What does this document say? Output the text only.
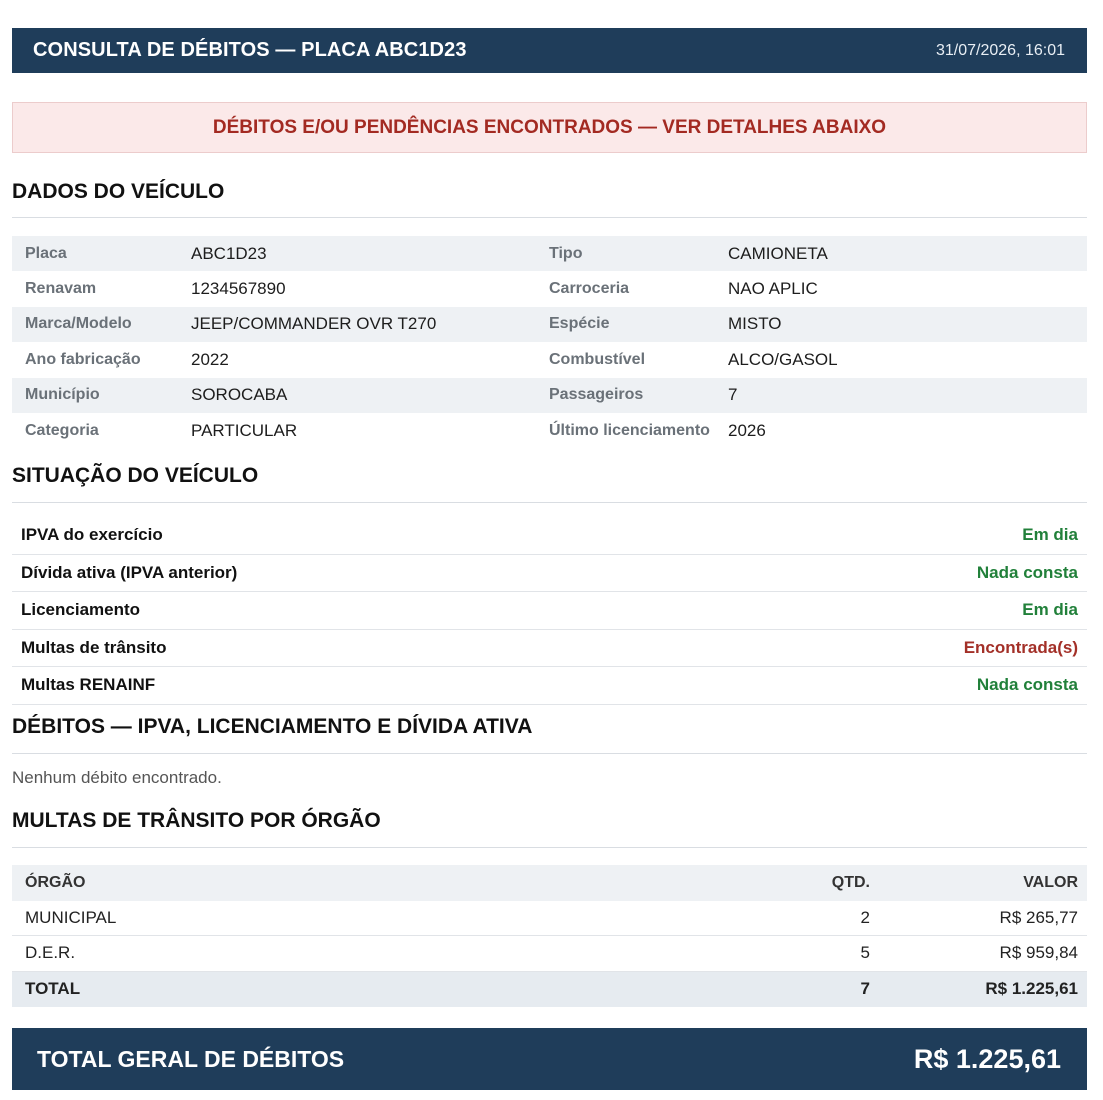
CONSULTA DE DÉBITOS — PLACA ABC1D23	31/07/2026, 16:01
DÉBITOS E/OU PENDÊNCIAS ENCONTRADOS — VER DETALHES ABAIXO
DADOS DO VEÍCULO
Placa	ABC1D23	Tipo	CAMIONETA
Renavam	1234567890	Carroceria	NAO APLIC
Marca/Modelo	JEEP/COMMANDER OVR T270	Espécie	MISTO
Ano fabricação	2022	Combustível	ALCO/GASOL
Município	SOROCABA	Passageiros	7
Categoria	PARTICULAR	Último licenciamento	2026
SITUAÇÃO DO VEÍCULO
IPVA do exercício	Em dia
Dívida ativa (IPVA anterior)	Nada consta
Licenciamento	Em dia
Multas de trânsito	Encontrada(s)
Multas RENAINF	Nada consta
DÉBITOS — IPVA, LICENCIAMENTO E DÍVIDA ATIVA
Nenhum débito encontrado.
MULTAS DE TRÂNSITO POR ÓRGÃO
ÓRGÃO	QTD.	VALOR
MUNICIPAL	2	R$ 265,77
D.E.R.	5	R$ 959,84
TOTAL	7	R$ 1.225,61
TOTAL GERAL DE DÉBITOS	R$ 1.225,61
